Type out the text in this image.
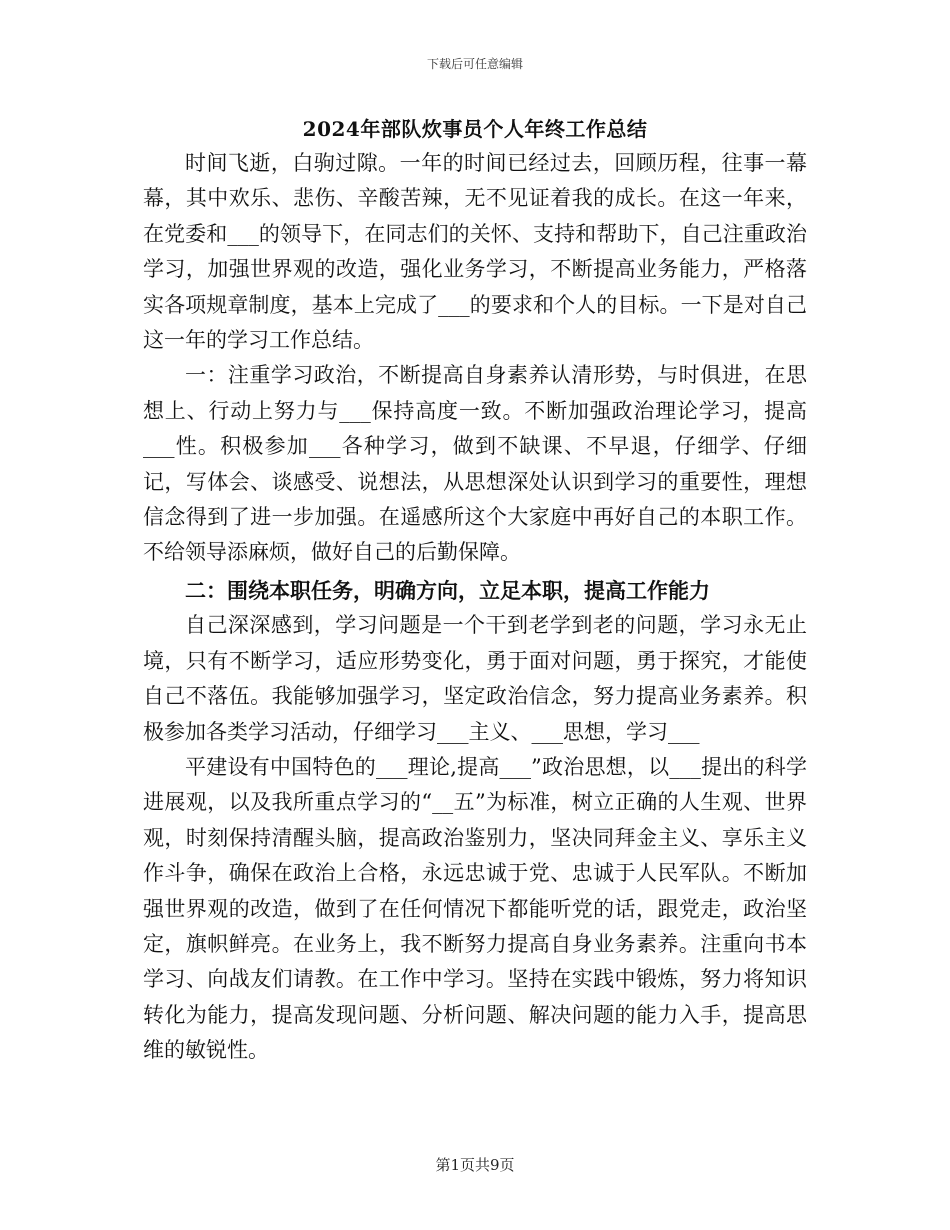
下载后可任意编辑
2024年部队炊事员个人年终工作总结

时间飞逝，白驹过隙。一年的时间已经过去，回顾历程，往事一幕幕，其中欢乐、悲伤、辛酸苦辣，无不见证着我的成长。在这一年来，在党委和___的领导下，在同志们的关怀、支持和帮助下，自己注重政治学习，加强世界观的改造，强化业务学习，不断提高业务能力，严格落实各项规章制度，基本上完成了___的要求和个人的目标。一下是对自己这一年的学习工作总结。

一：注重学习政治，不断提高自身素养认清形势，与时俱进，在思想上、行动上努力与___保持高度一致。不断加强政治理论学习，提高___性。积极参加___各种学习，做到不缺课、不早退，仔细学、仔细记，写体会、谈感受、说想法，从思想深处认识到学习的重要性，理想信念得到了进一步加强。在遥感所这个大家庭中再好自己的本职工作。不给领导添麻烦，做好自己的后勤保障。

二：围绕本职任务，明确方向，立足本职，提高工作能力

自己深深感到，学习问题是一个干到老学到老的问题，学习永无止境，只有不断学习，适应形势变化，勇于面对问题，勇于探究，才能使自己不落伍。我能够加强学习，坚定政治信念，努力提高业务素养。积极参加各类学习活动，仔细学习___主义、___思想，学习___

平建设有中国特色的___理论,提高___”政治思想，以___提出的科学进展观，以及我所重点学习的“__五”为标准，树立正确的人生观、世界观，时刻保持清醒头脑，提高政治鉴别力，坚决同拜金主义、享乐主义作斗争，确保在政治上合格，永远忠诚于党、忠诚于人民军队。不断加强世界观的改造，做到了在任何情况下都能听党的话，跟党走，政治坚定，旗帜鲜亮。在业务上，我不断努力提高自身业务素养。注重向书本学习、向战友们请教。在工作中学习。坚持在实践中锻炼，努力将知识转化为能力，提高发现问题、分析问题、解决问题的能力入手，提高思维的敏锐性。

第1页共9页
